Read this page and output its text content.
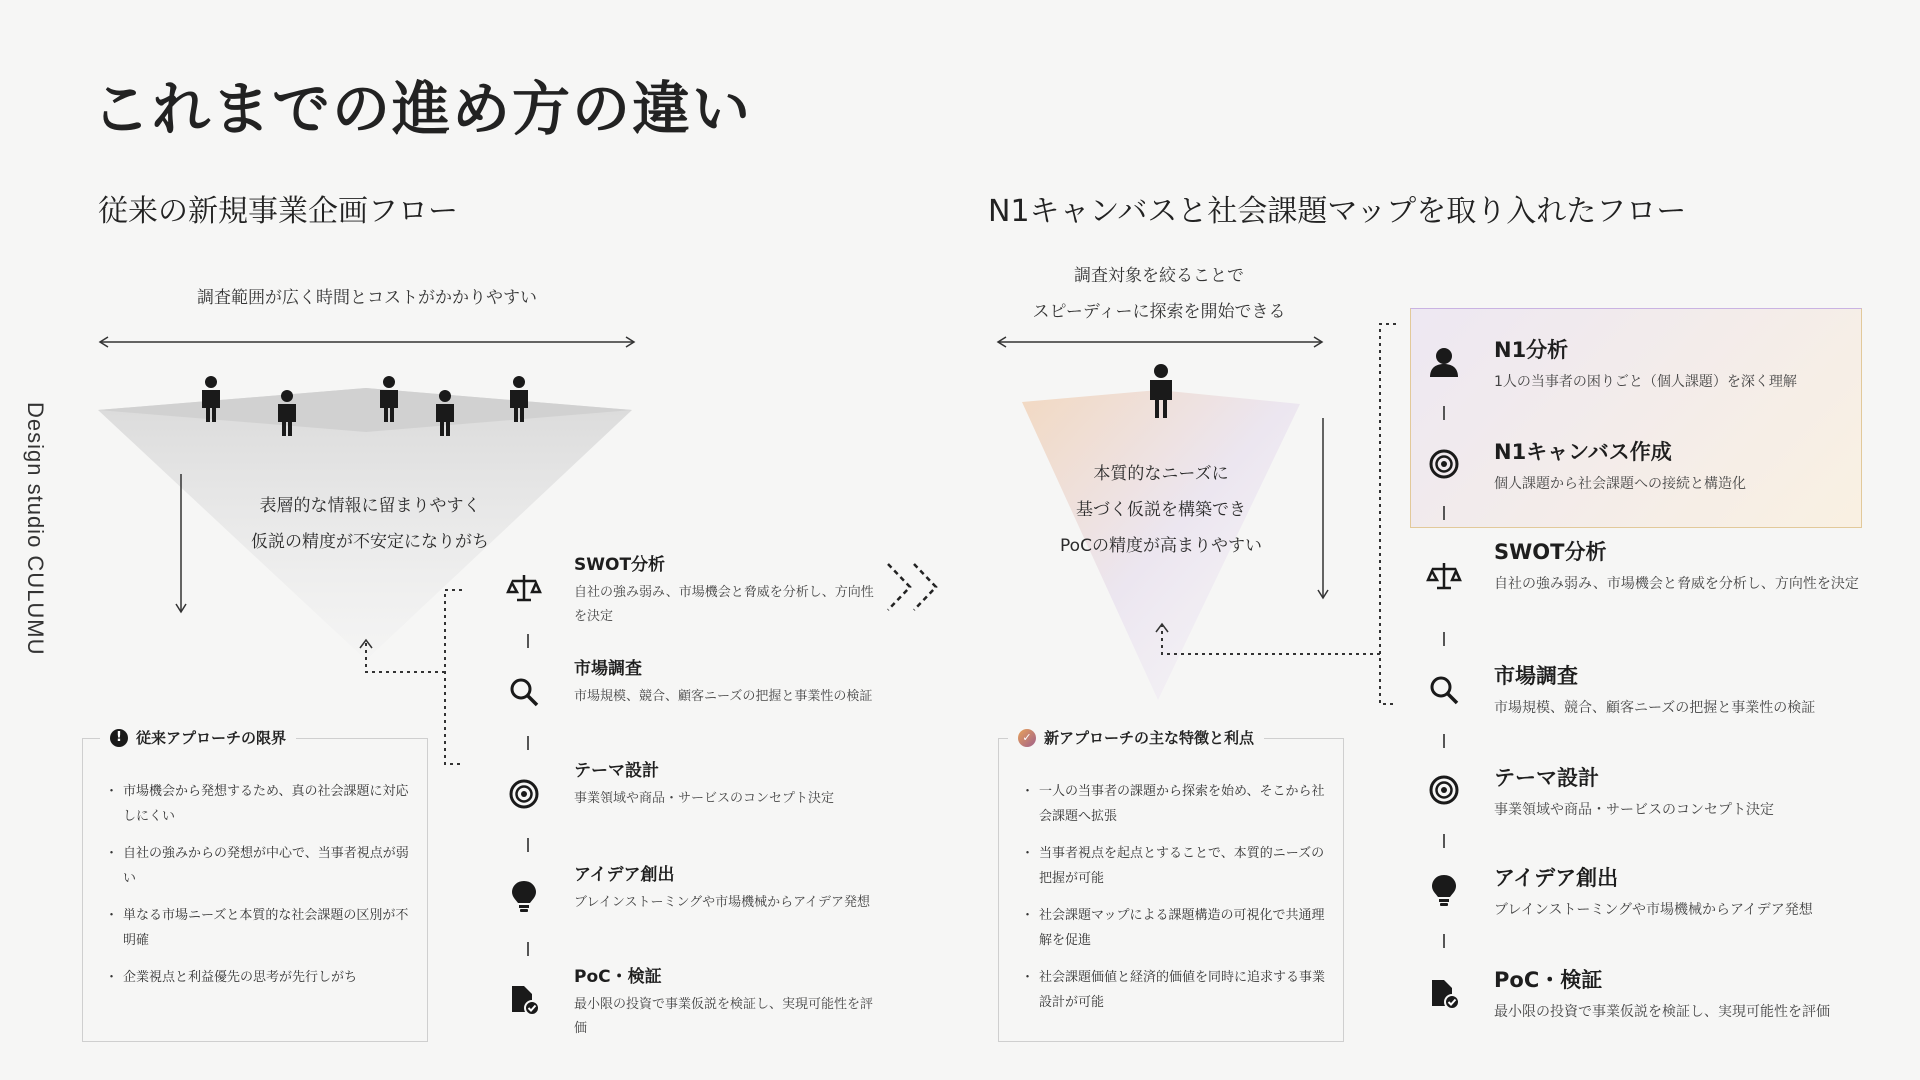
これまでの進め方の違い
Design studio CULUMU
従来の新規事業企画フロー
調査範囲が広く時間とコストがかかりやすい
表層的な情報に留まりやすく
仮説の精度が不安定になりがち
SWOT分析
自社の強み弱み、市場機会と脅威を分析し、方向性を決定
市場調査
市場規模、競合、顧客ニーズの把握と事業性の検証
テーマ設計
事業領域や商品・サービスのコンセプト決定
アイデア創出
ブレインストーミングや市場機械からアイデア発想
PoC・検証
最小限の投資で事業仮説を検証し、実現可能性を評価
・ 市場機会から発想するため、真の社会課題に対応しにくい
・ 自社の強みからの発想が中心で、当事者視点が弱い
・ 単なる市場ニーズと本質的な社会課題の区別が不明確
・ 企業視点と利益優先の思考が先行しがち
! 従来アプローチの限界
N1キャンバスと社会課題マップを取り入れたフロー
調査対象を絞ることで
スピーディーに探索を開始できる
本質的なニーズに
基づく仮説を構築でき
PoCの精度が高まりやすい
N1分析
1人の当事者の困りごと（個人課題）を深く理解
N1キャンバス作成
個人課題から社会課題への接続と構造化
SWOT分析
自社の強み弱み、市場機会と脅威を分析し、方向性を決定
市場調査
市場規模、競合、顧客ニーズの把握と事業性の検証
テーマ設計
事業領域や商品・サービスのコンセプト決定
アイデア創出
ブレインストーミングや市場機械からアイデア発想
PoC・検証
最小限の投資で事業仮説を検証し、実現可能性を評価
・ 一人の当事者の課題から探索を始め、そこから社会課題へ拡張
・ 当事者視点を起点とすることで、本質的ニーズの把握が可能
・ 社会課題マップによる課題構造の可視化で共通理解を促進
・ 社会課題価値と経済的価値を同時に追求する事業設計が可能
✓ 新アプローチの主な特徴と利点
